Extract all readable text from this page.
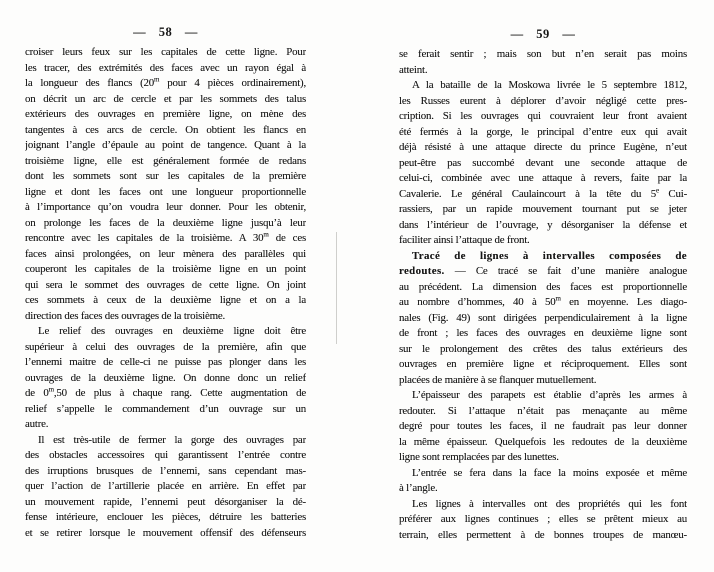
— 58 —
croiser leurs feux sur les capitales de cette ligne. Pour
les tracer, des extrémités des faces avec un rayon égal à
la longueur des flancs (20$^m$ pour 4 pièces ordinairement),
on décrit un arc de cercle et par les sommets des talus
extérieurs des ouvrages en première ligne, on mène des
tangentes à ces arcs de cercle. On obtient les flancs en
joignant l’angle d’épaule au point de tangence. Quant à la
troisième ligne, elle est généralement formée de redans
dont les sommets sont sur les capitales de la première
ligne et dont les faces ont une longueur proportionnelle
à l’importance qu’on voudra leur donner. Pour les obtenir,
on prolonge les faces de la deuxième ligne jusqu’à leur
rencontre avec les capitales de la troisième. A 30$^m$ de ces
faces ainsi prolongées, on leur mènera des parallèles qui
couperont les capitales de la troisième ligne en un point
qui sera le sommet des ouvrages de cette ligne. On joint
ces sommets à ceux de la deuxième ligne et on a la
direction des faces des ouvrages de la troisième.
Le relief des ouvrages en deuxième ligne doit être
supérieur à celui des ouvrages de la première, afin que
l’ennemi maitre de celle-ci ne puisse pas plonger dans les
ouvrages de la deuxième ligne. On donne donc un relief
de 0$^m$,50 de plus à chaque rang. Cette augmentation de
relief s’appelle le commandement d’un ouvrage sur un
autre.
Il est très-utile de fermer la gorge des ouvrages par
des obstacles accessoires qui garantissent l’entrée contre
des irruptions brusques de l’ennemi, sans cependant mas-
quer l’action de l’artillerie placée en arrière. En effet par
un mouvement rapide, l’ennemi peut désorganiser la dé-
fense intérieure, enclouer les pièces, détruire les batteries
et se retirer lorsque le mouvement offensif des défenseurs
— 59 —
se ferait sentir ; mais son but n’en serait pas moins
atteint.
A la bataille de la Moskowa livrée le 5 septembre 1812,
les Russes eurent à déplorer d’avoir négligé cette pres-
cription. Si les ouvrages qui couvraient leur front avaient
été fermés à la gorge, le principal d’entre eux qui avait
déjà résisté à une attaque directe du prince Eugène, n’eut
peut-être pas succombé devant une seconde attaque de
celui-ci, combinée avec une attaque à revers, faite par la
Cavalerie. Le général Caulaincourt à la tête du 5e Cui-
rassiers, par un rapide mouvement tournant put se jeter
dans l’intérieur de l’ouvrage, y désorganiser la défense et
faciliter ainsi l’attaque de front.
Tracé de lignes à intervalles composées de
redoutes. — Ce tracé se fait d’une manière analogue
au précédent. La dimension des faces est proportionnelle
au nombre d’hommes, 40 à 50$^m$ en moyenne. Les diago-
nales (Fig. 49) sont dirigées perpendiculairement à la ligne
de front ; les faces des ouvrages en deuxième ligne sont
sur le prolongement des crêtes des talus extérieurs des
ouvrages en première ligne et réciproquement. Elles sont
placées de manière à se flanquer mutuellement.
L’épaisseur des parapets est établie d’après les armes à
redouter. Si l’attaque n’était pas menaçante au même
degré pour toutes les faces, il ne faudrait pas leur donner
la même épaisseur. Quelquefois les redoutes de la deuxième
ligne sont remplacées par des lunettes.
L’entrée se fera dans la face la moins exposée et même
à l’angle.
Les lignes à intervalles ont des propriétés qui les font
préférer aux lignes continues ; elles se prêtent mieux au
terrain, elles permettent à de bonnes troupes de manœu-
